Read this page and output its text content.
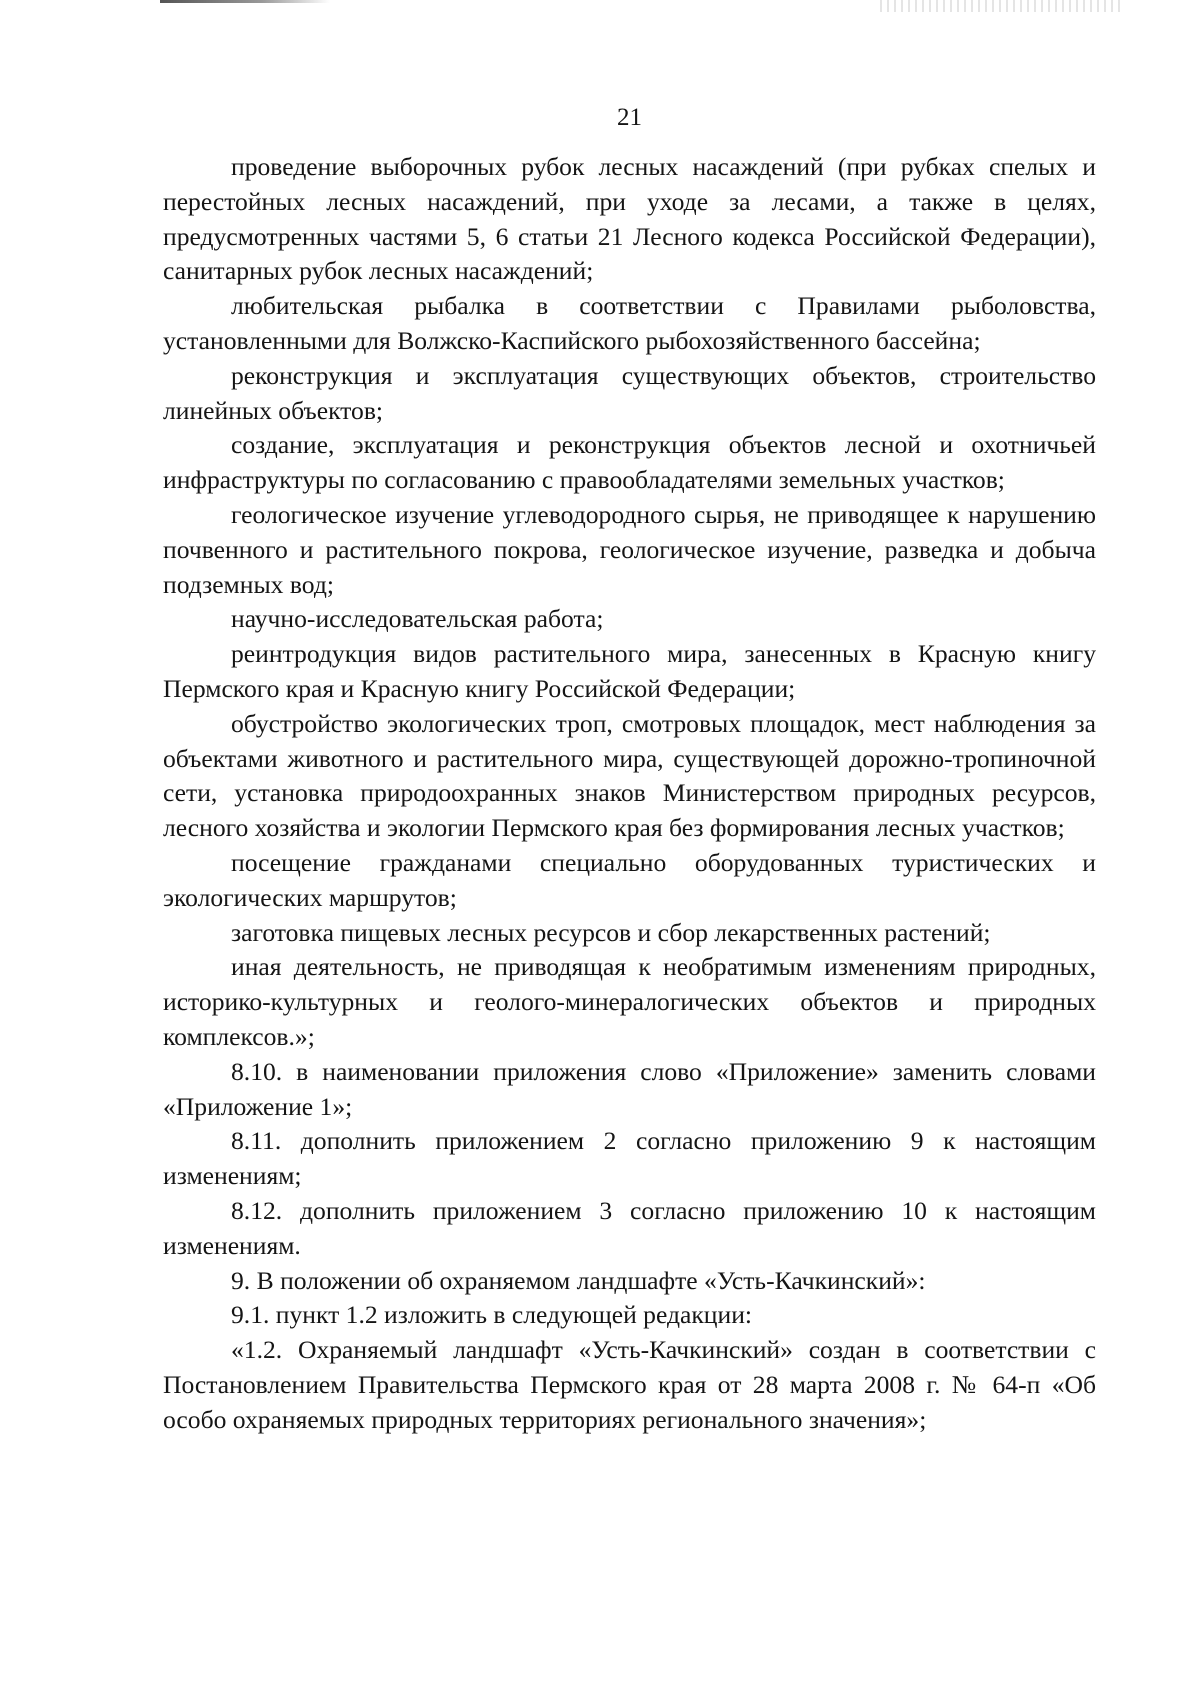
21

проведение выборочных рубок лесных насаждений (при рубках спелых и перестойных лесных насаждений, при уходе за лесами, а также в целях, предусмотренных частями 5, 6 статьи 21 Лесного кодекса Российской Федерации), санитарных рубок лесных насаждений;

любительская рыбалка в соответствии с Правилами рыболовства, установленными для Волжско-Каспийского рыбохозяйственного бассейна;

реконструкция и эксплуатация существующих объектов, строительство линейных объектов;

создание, эксплуатация и реконструкция объектов лесной и охотничьей инфраструктуры по согласованию с правообладателями земельных участков;

геологическое изучение углеводородного сырья, не приводящее к нарушению почвенного и растительного покрова, геологическое изучение, разведка и добыча подземных вод;

научно-исследовательская работа;

реинтродукция видов растительного мира, занесенных в Красную книгу Пермского края и Красную книгу Российской Федерации;

обустройство экологических троп, смотровых площадок, мест наблюдения за объектами животного и растительного мира, существующей дорожно-тропиночной сети, установка природоохранных знаков Министерством природных ресурсов, лесного хозяйства и экологии Пермского края без формирования лесных участков;

посещение гражданами специально оборудованных туристических и экологических маршрутов;

заготовка пищевых лесных ресурсов и сбор лекарственных растений;

иная деятельность, не приводящая к необратимым изменениям природных, историко-культурных и геолого-минералогических объектов и природных комплексов.»;

8.10. в наименовании приложения слово «Приложение» заменить словами «Приложение 1»;

8.11. дополнить приложением 2 согласно приложению 9 к настоящим изменениям;

8.12. дополнить приложением 3 согласно приложению 10 к настоящим изменениям.

9. В положении об охраняемом ландшафте «Усть-Качкинский»:

9.1. пункт 1.2 изложить в следующей редакции:

«1.2. Охраняемый ландшафт «Усть-Качкинский» создан в соответствии с Постановлением Правительства Пермского края от 28 марта 2008 г. № 64-п «Об особо охраняемых природных территориях регионального значения»;
